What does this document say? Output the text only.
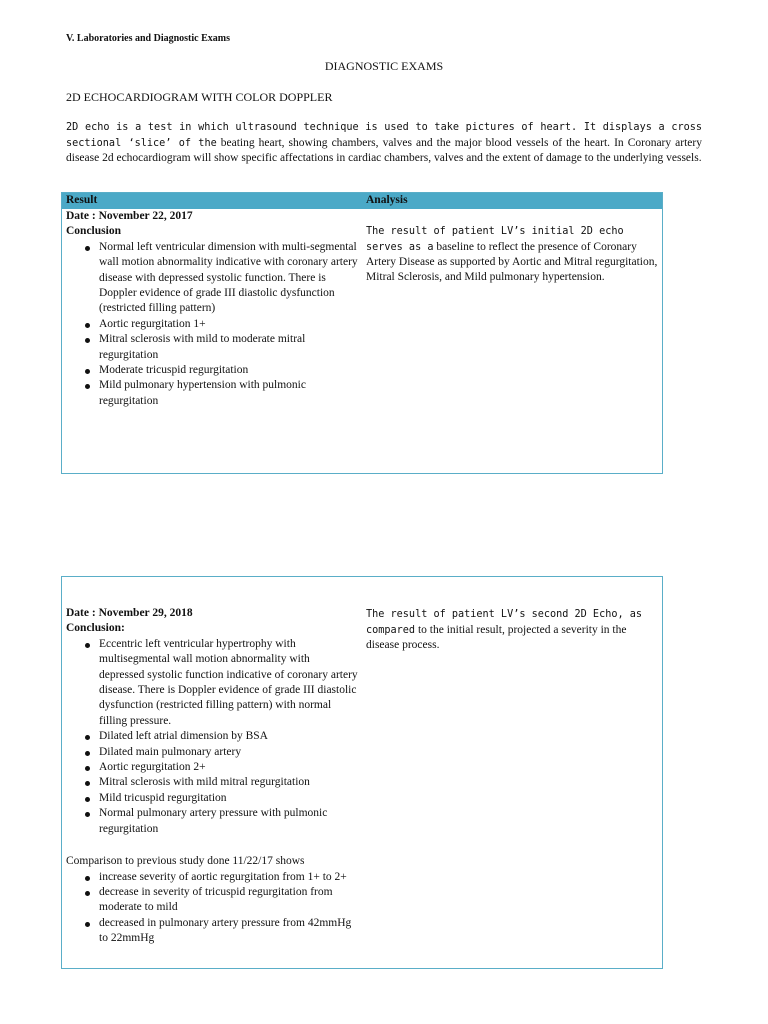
V. Laboratories and Diagnostic Exams
DIAGNOSTIC EXAMS
2D ECHOCARDIOGRAM WITH COLOR DOPPLER
2D echo is a test in which ultrasound technique is used to take pictures of heart. It displays a cross sectional ‘slice’ of the beating heart, showing chambers, valves and the major blood vessels of the heart. In Coronary artery disease 2d echocardiogram will show specific affectations in cardiac chambers, valves and the extent of damage to the underlying vessels.
Result	Analysis
Date : November 22, 2017
Conclusion
Normal left ventricular dimension with multi-segmental wall motion abnormality indicative with coronary artery disease with depressed systolic function. There is Doppler evidence of grade III diastolic dysfunction (restricted filling pattern)
Aortic regurgitation 1+
Mitral sclerosis with mild to moderate mitral regurgitation
Moderate tricuspid regurgitation
Mild pulmonary hypertension with pulmonic regurgitation
The result of patient LV’s initial 2D echo serves as a baseline to reflect the presence of Coronary Artery Disease as supported by Aortic and Mitral regurgitation, Mitral Sclerosis, and Mild pulmonary hypertension.
Date : November 29, 2018
Conclusion:
Eccentric left ventricular hypertrophy with multisegmental wall motion abnormality with depressed systolic function indicative of coronary artery disease. There is Doppler evidence of grade III diastolic dysfunction (restricted filling pattern) with normal filling pressure.
Dilated left atrial dimension by BSA
Dilated main pulmonary artery
Aortic regurgitation 2+
Mitral sclerosis with mild mitral regurgitation
Mild tricuspid regurgitation
Normal pulmonary artery pressure with pulmonic regurgitation
Comparison to previous study done 11/22/17 shows
increase severity of aortic regurgitation from 1+ to 2+
decrease in severity of tricuspid regurgitation from moderate to mild
decreased in pulmonary artery pressure from 42mmHg to 22mmHg
The result of patient LV’s second 2D Echo, as compared to the initial result, projected a severity in the disease process.
